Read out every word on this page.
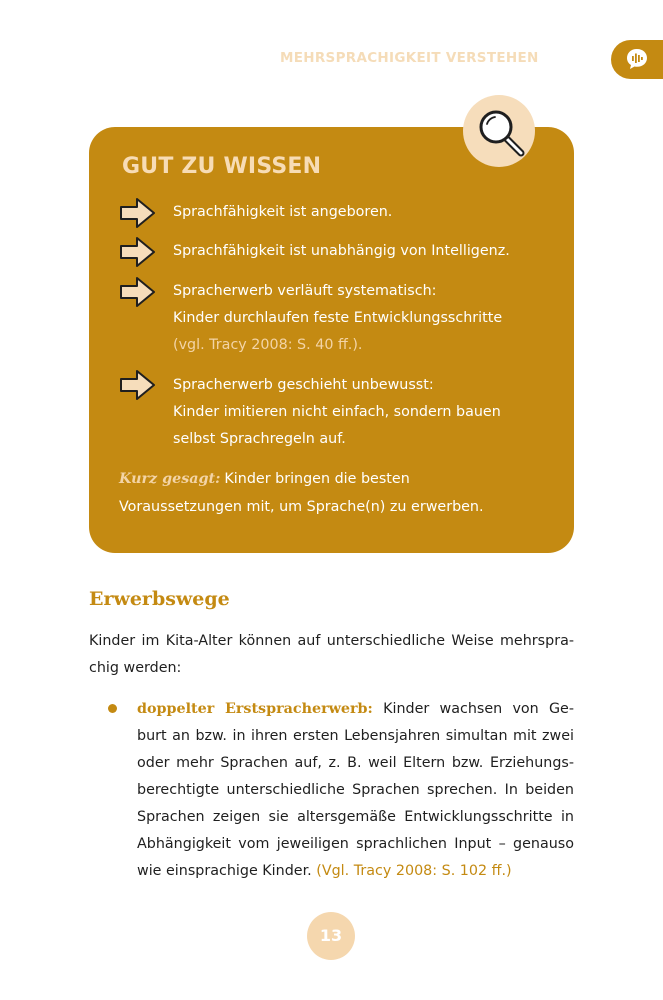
MEHRSPRACHIGKEIT VERSTEHEN
GUT ZU WISSEN
Sprachfähigkeit ist angeboren.
Sprachfähigkeit ist unabhängig von Intelligenz.
Spracherwerb verläuft systematisch:
Kinder durchlaufen feste Entwicklungsschritte
(vgl. Tracy 2008: S. 40 ff.).
Spracherwerb geschieht unbewusst:
Kinder imitieren nicht einfach, sondern bauen
selbst Sprachregeln auf.
Kurz gesagt: Kinder bringen die besten
Voraussetzungen mit, um Sprache(n) zu erwerben.
Erwerbswege
Kinder im Kita-Alter können auf unterschiedliche Weise mehrspra-
chig werden:
doppelter Erstspracherwerb: Kinder wachsen von Ge-
burt an bzw. in ihren ersten Lebensjahren simultan mit zwei
oder mehr Sprachen auf, z. B. weil Eltern bzw. Erziehungs-
berechtigte unterschiedliche Sprachen sprechen. In beiden
Sprachen zeigen sie altersgemäße Entwicklungsschritte in
Abhängigkeit vom jeweiligen sprachlichen Input – genauso
wie einsprachige Kinder. (Vgl. Tracy 2008: S. 102 ff.)
13
